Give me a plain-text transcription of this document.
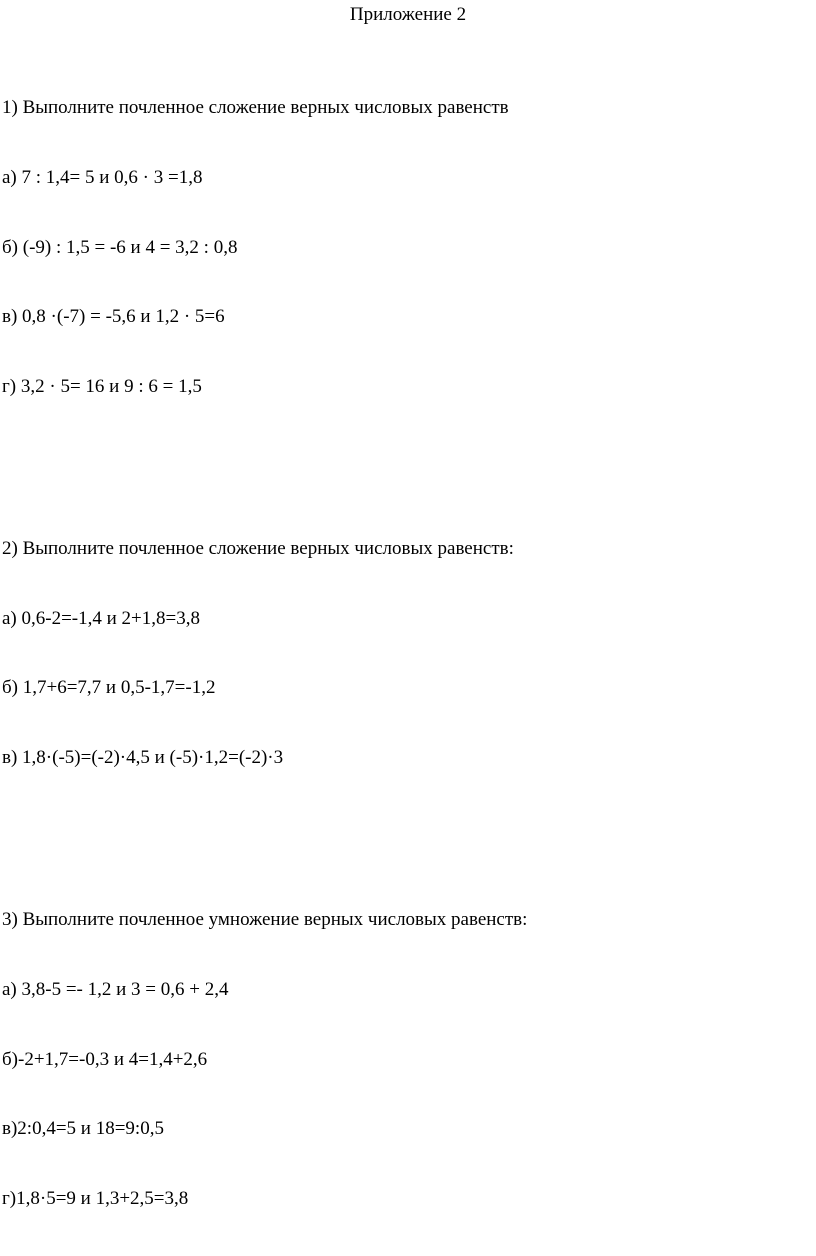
Приложение 2

1) Выполните почленное сложение верных числовых равенств

а) 7 : 1,4= 5 и 0,6 · 3 =1,8

б) (-9) : 1,5 = -6 и 4 = 3,2 : 0,8

в) 0,8 ·(-7) = -5,6 и 1,2 · 5=6

г) 3,2 · 5= 16 и 9 : 6 = 1,5

2) Выполните почленное сложение верных числовых равенств:

а) 0,6-2=-1,4 и 2+1,8=3,8

б) 1,7+6=7,7 и 0,5-1,7=-1,2

в) 1,8·(-5)=(-2)·4,5 и (-5)·1,2=(-2)·3

3) Выполните почленное умножение верных числовых равенств:

а) 3,8-5 =- 1,2 и 3 = 0,6 + 2,4

б)-2+1,7=-0,3 и 4=1,4+2,6

в)2:0,4=5 и 18=9:0,5

г)1,8·5=9 и 1,3+2,5=3,8
